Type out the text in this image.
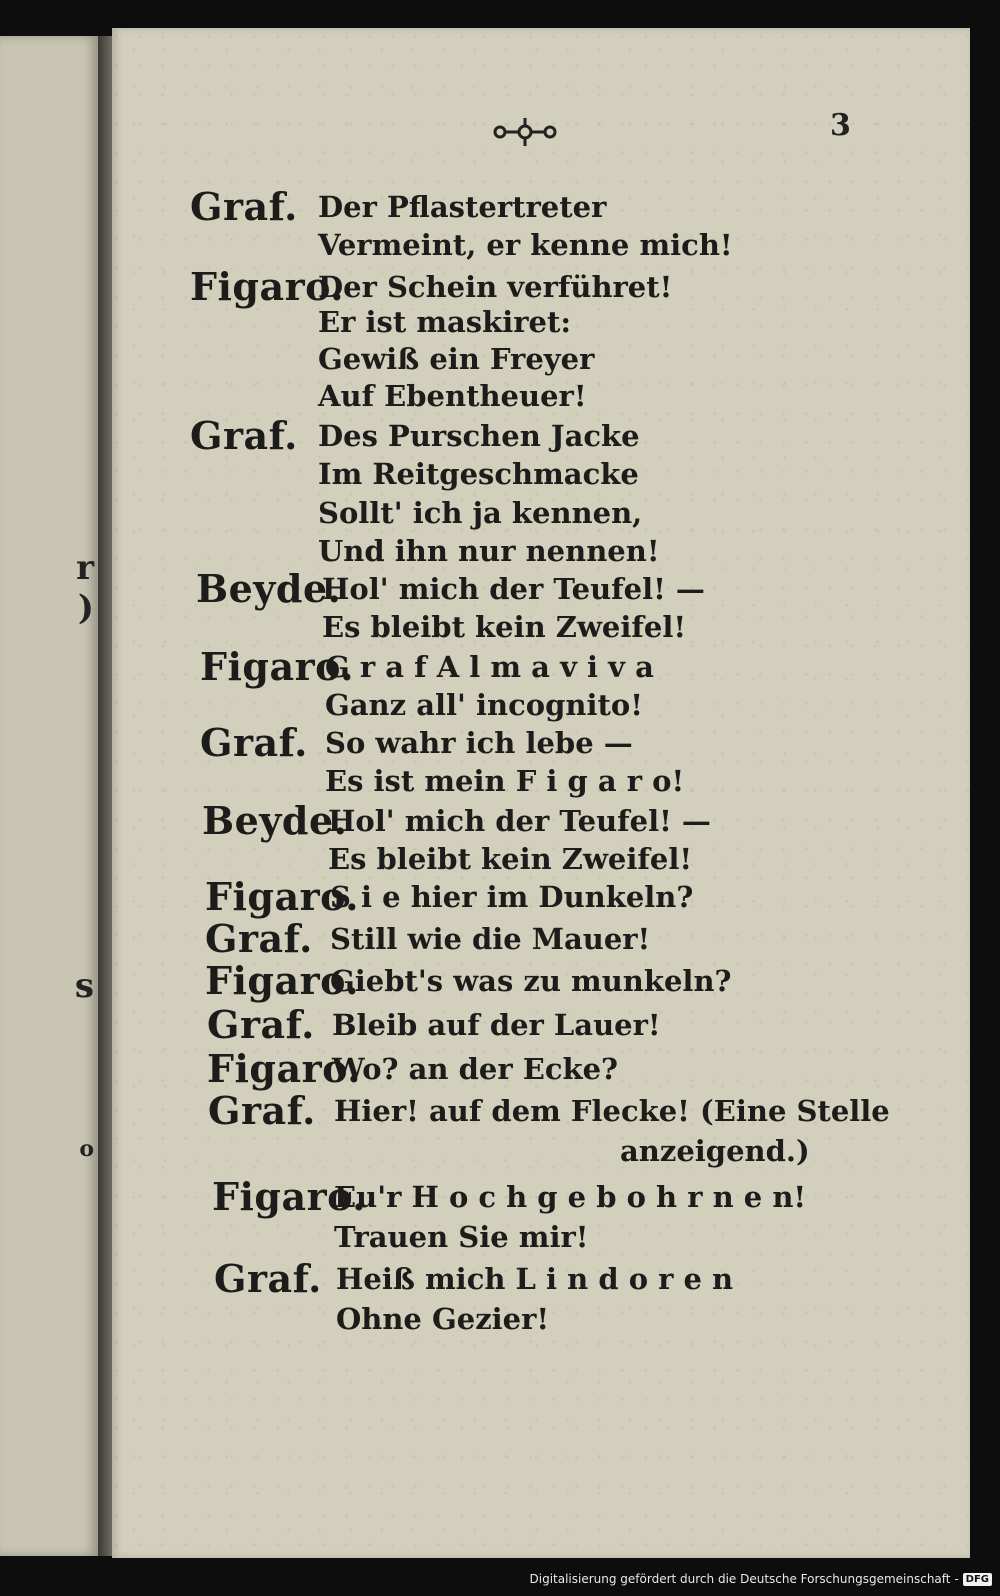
r
)
s
o
3
Graf. Der Pflastertreter
Vermeint, er kenne mich!
Figaro.
Der Schein verführet!
Er ist maskiret:
Gewiß ein Freyer
Auf Ebentheuer!
Graf. Des Purschen Jacke
Im Reitgeschmacke
Sollt' ich ja kennen,
Und ihn nur nennen!
Beyde.
Hol' mich der Teufel! —
Es bleibt kein Zweifel!
Figaro.
G r a f A l m a v i v a
Ganz all' incognito!
Graf. So wahr ich lebe —
Es ist mein F i g a r o!
Beyde.
Hol' mich der Teufel! —
Es bleibt kein Zweifel!
Figaro.
S i e hier im Dunkeln?
Graf. Still wie die Mauer!
Figaro.
Giebt's was zu munkeln?
Graf. Bleib auf der Lauer!
Figaro.
Wo? an der Ecke?
Graf. Hier! auf dem Flecke! (Eine Stelle
anzeigend.)
Figaro.
Eu'r H o c h g e b o h r n e n!
Trauen Sie mir!
Graf. Heiß mich L i n d o r e n
Ohne Gezier!
Digitalisierung gefördert durch die Deutsche Forschungsgemeinschaft - DFG
